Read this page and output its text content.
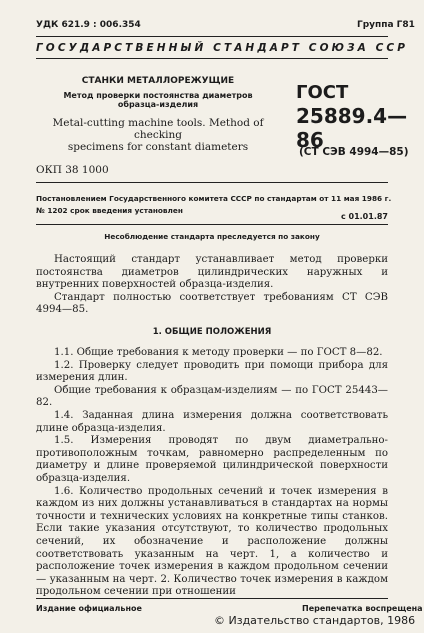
УДК 621.9 : 006.354	Группа Г81
ГОСУДАРСТВЕННЫЙ СТАНДАРТ СОЮЗА ССР
СТАНКИ МЕТАЛЛОРЕЖУЩИЕ
Метод проверки постоянства диаметров
образца-изделия
Metal-cutting machine tools. Method of checking
specimens for constant diameters
ГОСТ
25889.4—86
(СТ СЭВ 4994—85)
ОКП 38 1000
Постановлением Государственного комитета СССР по стандартам от 11 мая 1986 г. № 1202 срок введения установлен
с 01.01.87
Несоблюдение стандарта преследуется по закону

Настоящий стандарт устанавливает метод проверки постоянства диаметров цилиндрических наружных и внутренних поверхностей образца-изделия.

Стандарт полностью соответствует требованиям СТ СЭВ 4994—85.

1. ОБЩИЕ ПОЛОЖЕНИЯ

1.1. Общие требования к методу проверки — по ГОСТ 8—82.

1.2. Проверку следует проводить при помощи прибора для измерения длин.

Общие требования к образцам-изделиям — по ГОСТ 25443—82.

1.4. Заданная длина измерения должна соответствовать длине образца-изделия.

1.5. Измерения проводят по двум диаметрально-противоположным точкам, равномерно распределенным по диаметру и длине проверяемой цилиндрической поверхности образца-изделия.

1.6. Количество продольных сечений и точек измерения в каждом из них должны устанавливаться в стандартах на нормы точности и технических условиях на конкретные типы станков. Если такие указания отсутствуют, то количество продольных сечений, их обозначение и расположение должны соответствовать указанным на черт. 1, а количество и расположение точек измерения в каждом продольном сечении — указанным на черт. 2. Количество точек измерения в каждом продольном сечении при отношении

Издание официальное	Перепечатка воспрещена
© Издательство стандартов, 1986
